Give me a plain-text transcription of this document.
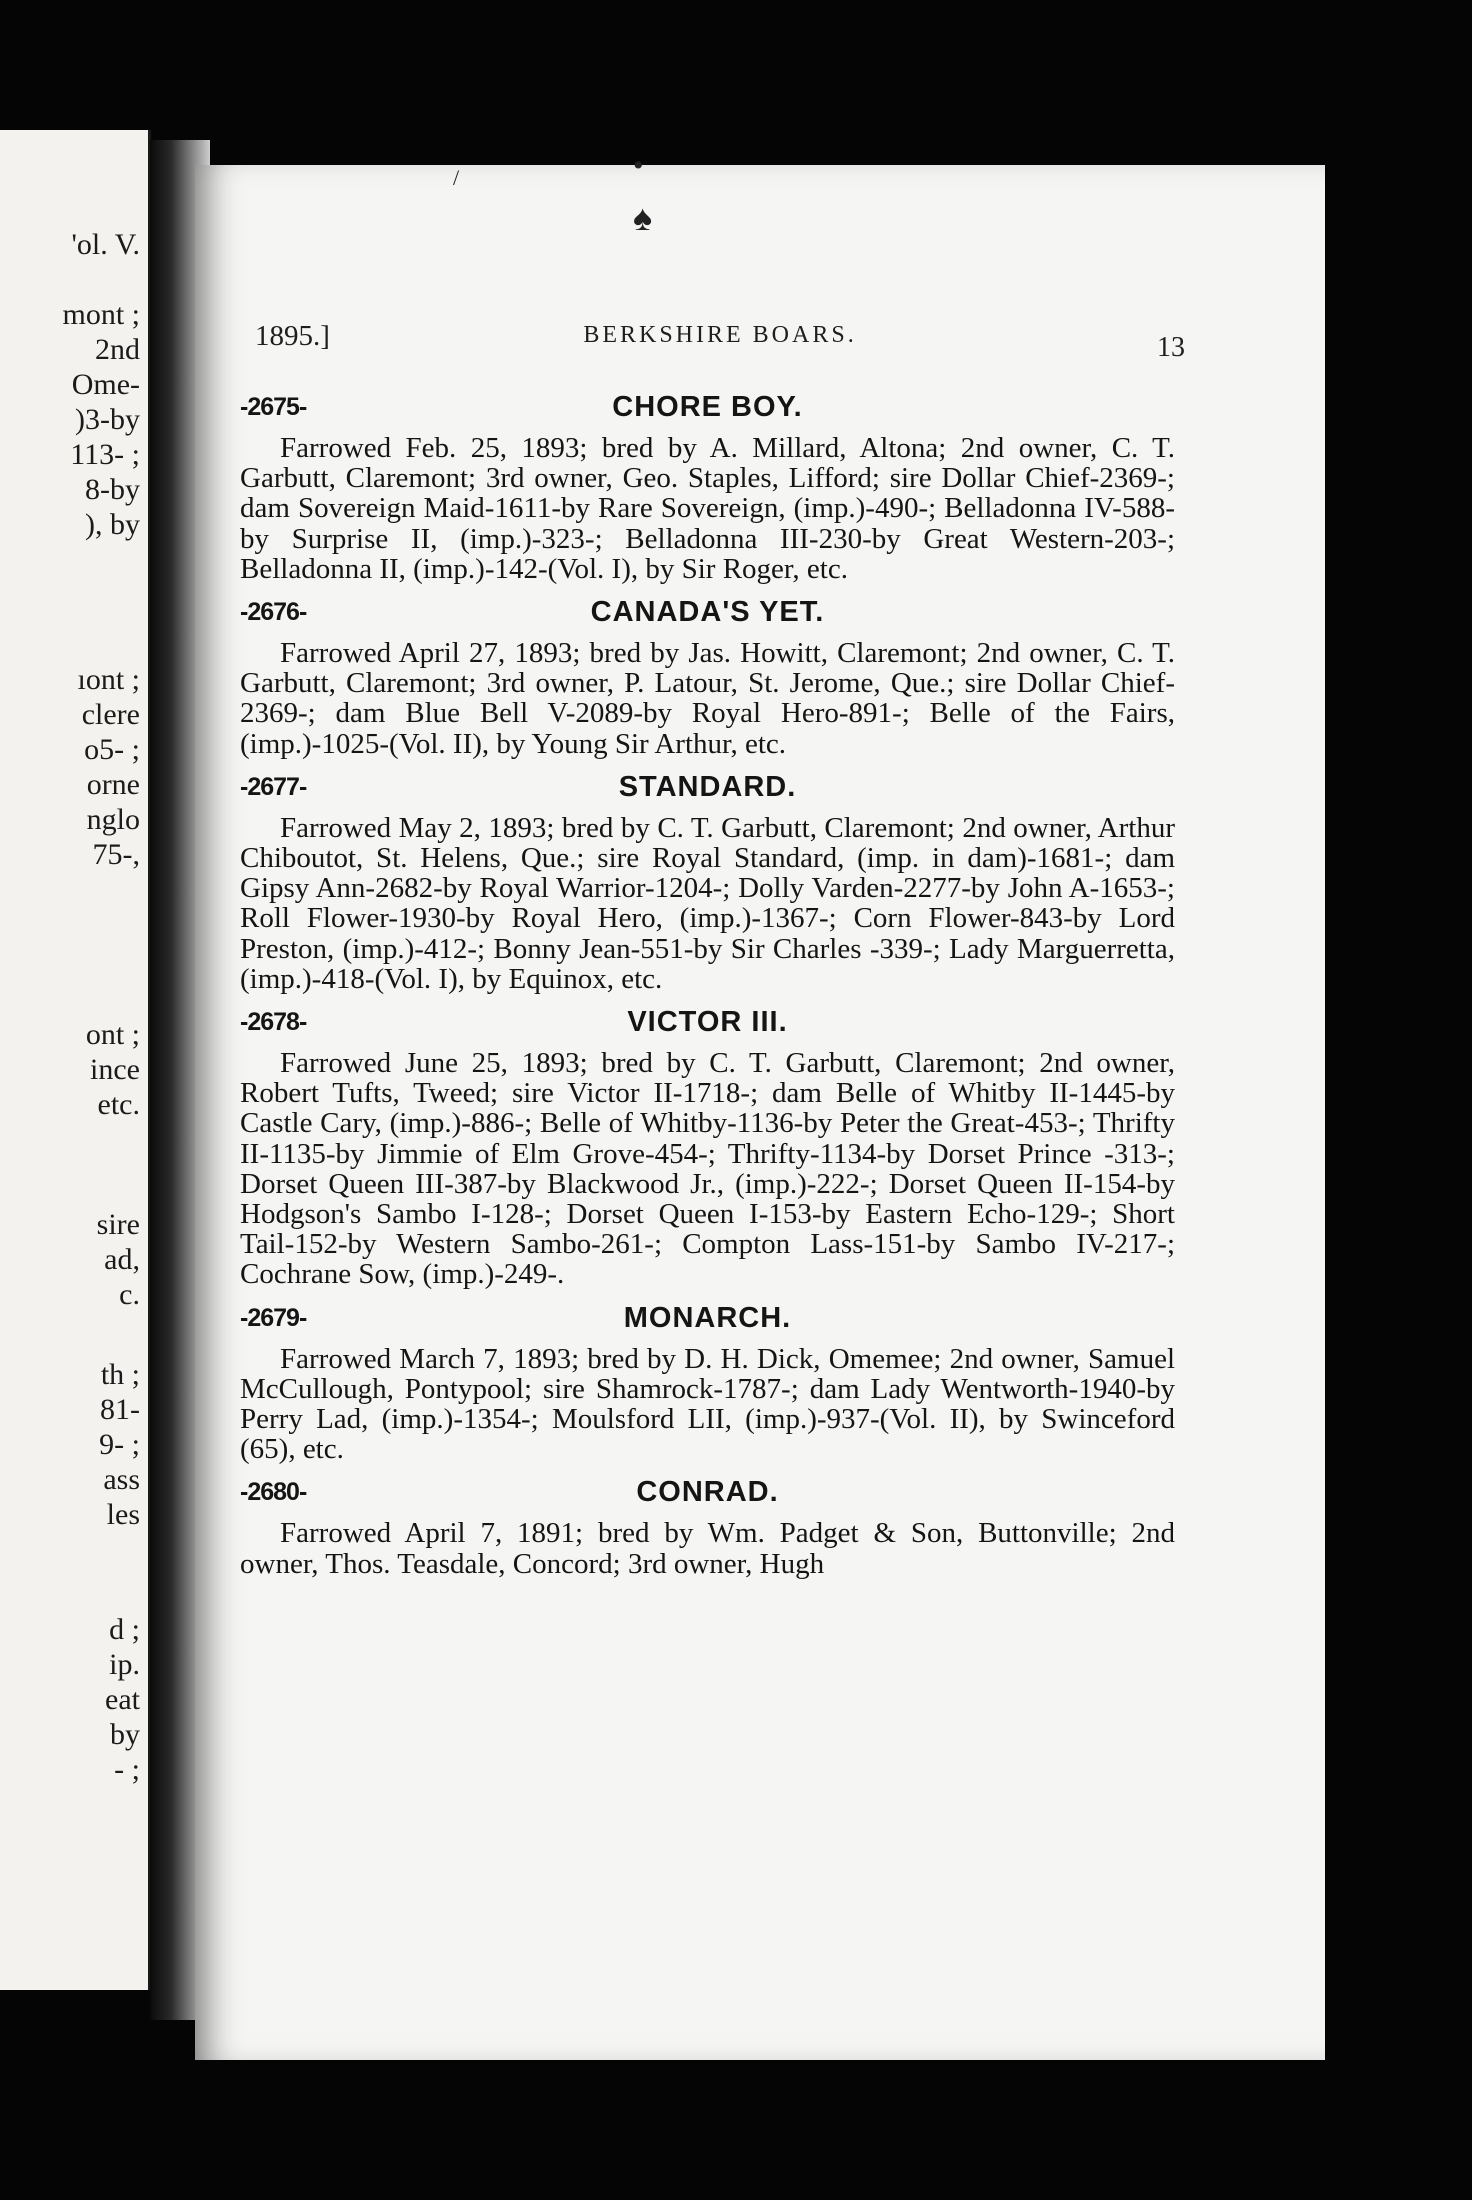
'ol. V.
mont ;
2nd
Ome-
)3-by
113- ;
8-by
), by
ıont ;
clere
o5- ;
orne
nglo
75-,
ont ;
ince
etc.
sire
ad,
c.
th ;
81-
9- ;
ass
les
d ;
ip.
eat
by
- ;
/	•
♠
1895.]	BERKSHIRE BOARS.	13
-2675-	CHORE BOY.

Farrowed Feb. 25, 1893; bred by A. Millard, Altona; 2nd owner, C. T. Garbutt, Claremont; 3rd owner, Geo. Staples, Lifford; sire Dollar Chief-2369-; dam Sovereign Maid-1611-by Rare Sovereign, (imp.)-490-; Belladonna IV-588-by Surprise II, (imp.)-323-; Belladonna III-230-by Great Western-203-; Belladonna II, (imp.)-142-(Vol. I), by Sir Roger, etc.

-2676-	CANADA'S YET.

Farrowed April 27, 1893; bred by Jas. Howitt, Claremont; 2nd owner, C. T. Garbutt, Claremont; 3rd owner, P. Latour, St. Jerome, Que.; sire Dollar Chief-2369-; dam Blue Bell V-2089-by Royal Hero-891-; Belle of the Fairs, (imp.)-1025-(Vol. II), by Young Sir Arthur, etc.

-2677-	STANDARD.

Farrowed May 2, 1893; bred by C. T. Garbutt, Claremont; 2nd owner, Arthur Chiboutot, St. Helens, Que.; sire Royal Standard, (imp. in dam)-1681-; dam Gipsy Ann-2682-by Royal Warrior-1204-; Dolly Varden-2277-by John A-1653-; Roll Flower-1930-by Royal Hero, (imp.)-1367-; Corn Flower-843-by Lord Preston, (imp.)-412-; Bonny Jean-551-by Sir Charles -339-; Lady Marguerretta, (imp.)-418-(Vol. I), by Equinox, etc.

-2678-	VICTOR III.

Farrowed June 25, 1893; bred by C. T. Garbutt, Claremont; 2nd owner, Robert Tufts, Tweed; sire Victor II-1718-; dam Belle of Whitby II-1445-by Castle Cary, (imp.)-886-; Belle of Whitby-1136-by Peter the Great-453-; Thrifty II-1135-by Jimmie of Elm Grove-454-; Thrifty-1134-by Dorset Prince -313-; Dorset Queen III-387-by Blackwood Jr., (imp.)-222-; Dorset Queen II-154-by Hodgson's Sambo I-128-; Dorset Queen I-153-by Eastern Echo-129-; Short Tail-152-by Western Sambo-261-; Compton Lass-151-by Sambo IV-217-; Cochrane Sow, (imp.)-249-.

-2679-	MONARCH.

Farrowed March 7, 1893; bred by D. H. Dick, Omemee; 2nd owner, Samuel McCullough, Pontypool; sire Shamrock-1787-; dam Lady Wentworth-1940-by Perry Lad, (imp.)-1354-; Moulsford LII, (imp.)-937-(Vol. II), by Swinceford (65), etc.

-2680-	CONRAD.

Farrowed April 7, 1891; bred by Wm. Padget & Son, Buttonville; 2nd owner, Thos. Teasdale, Concord; 3rd owner, Hugh
